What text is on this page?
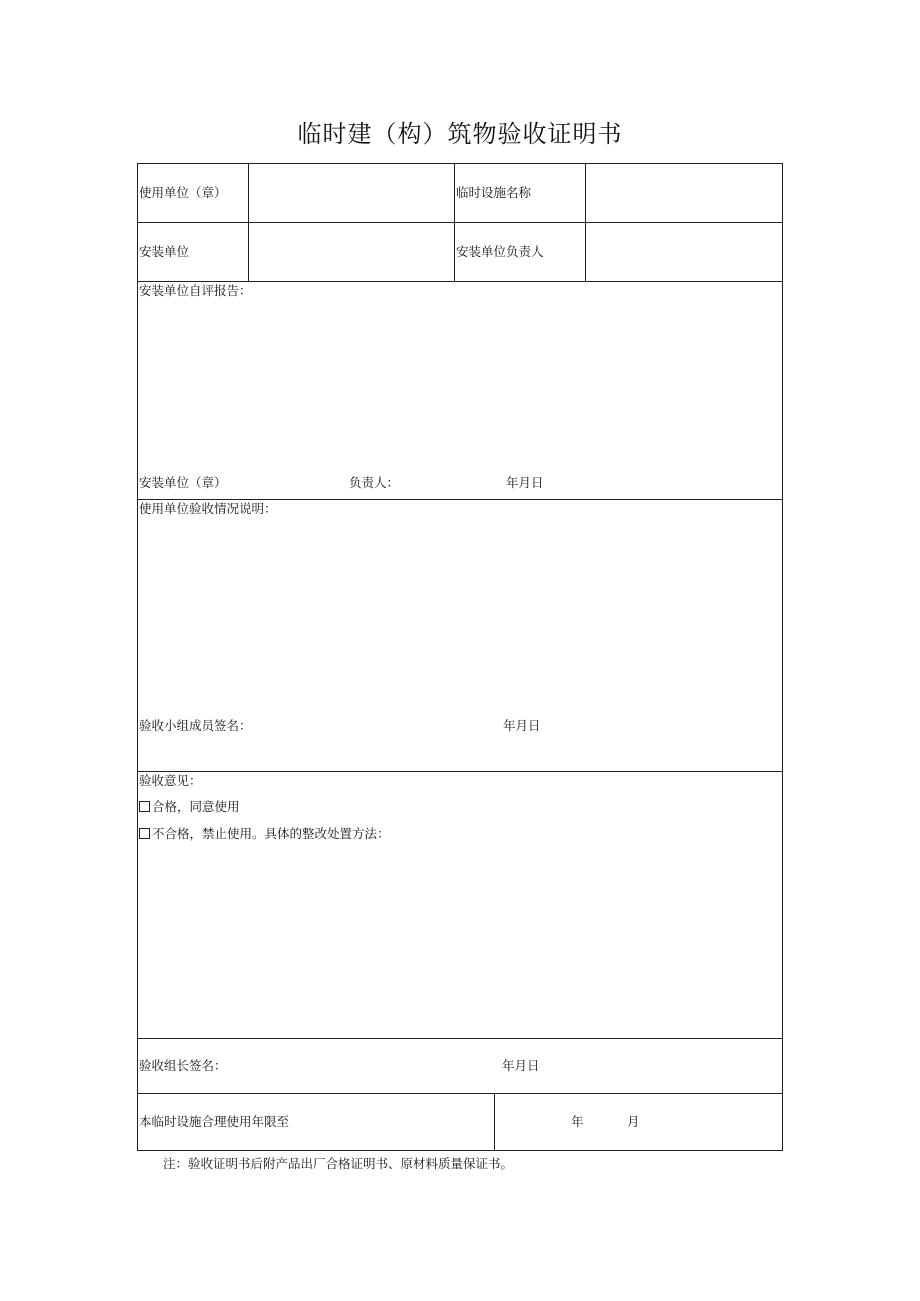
临时建（构）筑物验收证明书
使用单位（章）	临时设施名称
安装单位	安装单位负责人
安装单位自评报告：
安装单位（章）	负责人：	年月日
使用单位验收情况说明：
验收小组成员签名：	年月日
验收意见：
合格，同意使用
不合格，禁止使用。具体的整改处置方法：
验收组长签名：	年月日
本临时设施合理使用年限至	年	月
注：验收证明书后附产品出厂合格证明书、原材料质量保证书。
